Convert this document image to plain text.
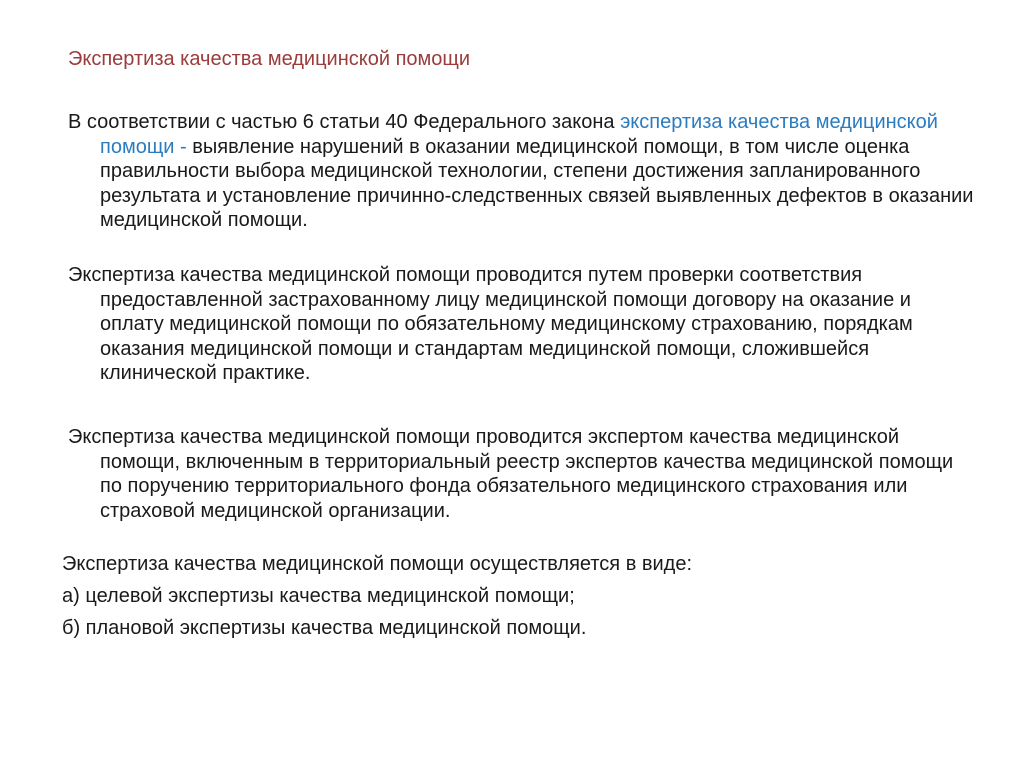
Экспертиза качества медицинской помощи
В соответствии с частью 6 статьи 40 Федерального закона экспертиза качества медицинской помощи - выявление нарушений в оказании медицинской помощи, в том числе оценка правильности выбора медицинской технологии, степени достижения запланированного результата и установление причинно-следственных связей выявленных дефектов в оказании медицинской помощи.
Экспертиза качества медицинской помощи проводится путем проверки соответствия предоставленной застрахованному лицу медицинской помощи договору на оказание и оплату медицинской помощи по обязательному медицинскому страхованию, порядкам оказания медицинской помощи и стандартам медицинской помощи, сложившейся клинической практике.
Экспертиза качества медицинской помощи проводится экспертом качества медицинской помощи, включенным в территориальный реестр экспертов качества медицинской помощи по поручению территориального фонда обязательного медицинского страхования или страховой медицинской организации.
Экспертиза качества медицинской помощи осуществляется в виде:
а) целевой экспертизы качества медицинской помощи;
б) плановой экспертизы качества медицинской помощи.
